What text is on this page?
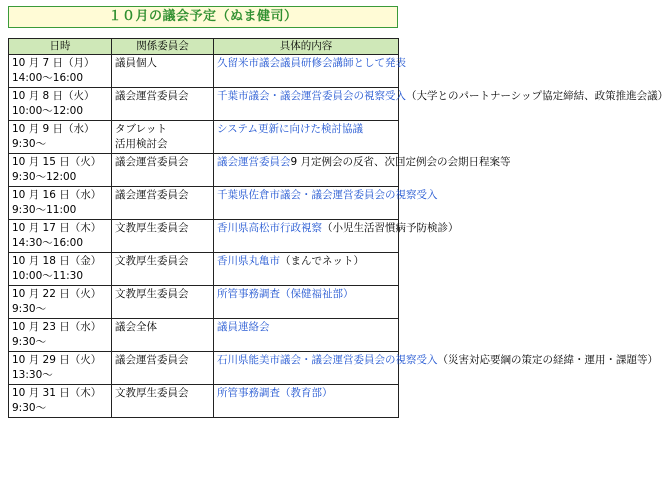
１０月の議会予定（ぬま健司）
日時	関係委員会	具体的内容

10 月 7 日（月）
14:00～16:00	議員個人	久留米市議会議員研修会講師として発表

10 月 8 日（火）
10:00～12:00	議会運営委員会	千葉市議会・議会運営委員会の視察受入（大学とのパートナーシップ協定締結、政策推進会議）

10 月 9 日（水）
9:30～	タブレット
活用検討会	システム更新に向けた検討協議

10 月 15 日（火）
9:30～12:00	議会運営委員会	議会運営委員会9 月定例会の反省、次回定例会の会期日程案等

10 月 16 日（水）
9:30～11:00	議会運営委員会	千葉県佐倉市議会・議会運営委員会の視察受入

10 月 17 日（木）
14:30～16:00	文教厚生委員会	香川県高松市行政視察（小児生活習慣病予防検診）

10 月 18 日（金）
10:00～11:30	文教厚生委員会	香川県丸亀市（まんでネット）

10 月 22 日（火）
9:30～	文教厚生委員会	所管事務調査（保健福祉部）

10 月 23 日（水）
9:30～	議会全体	議員連絡会

10 月 29 日（火）
13:30～	議会運営委員会	石川県能美市議会・議会運営委員会の視察受入（災害対応要綱の策定の経緯・運用・課題等）

10 月 31 日（木）
9:30～	文教厚生委員会	所管事務調査（教育部）
